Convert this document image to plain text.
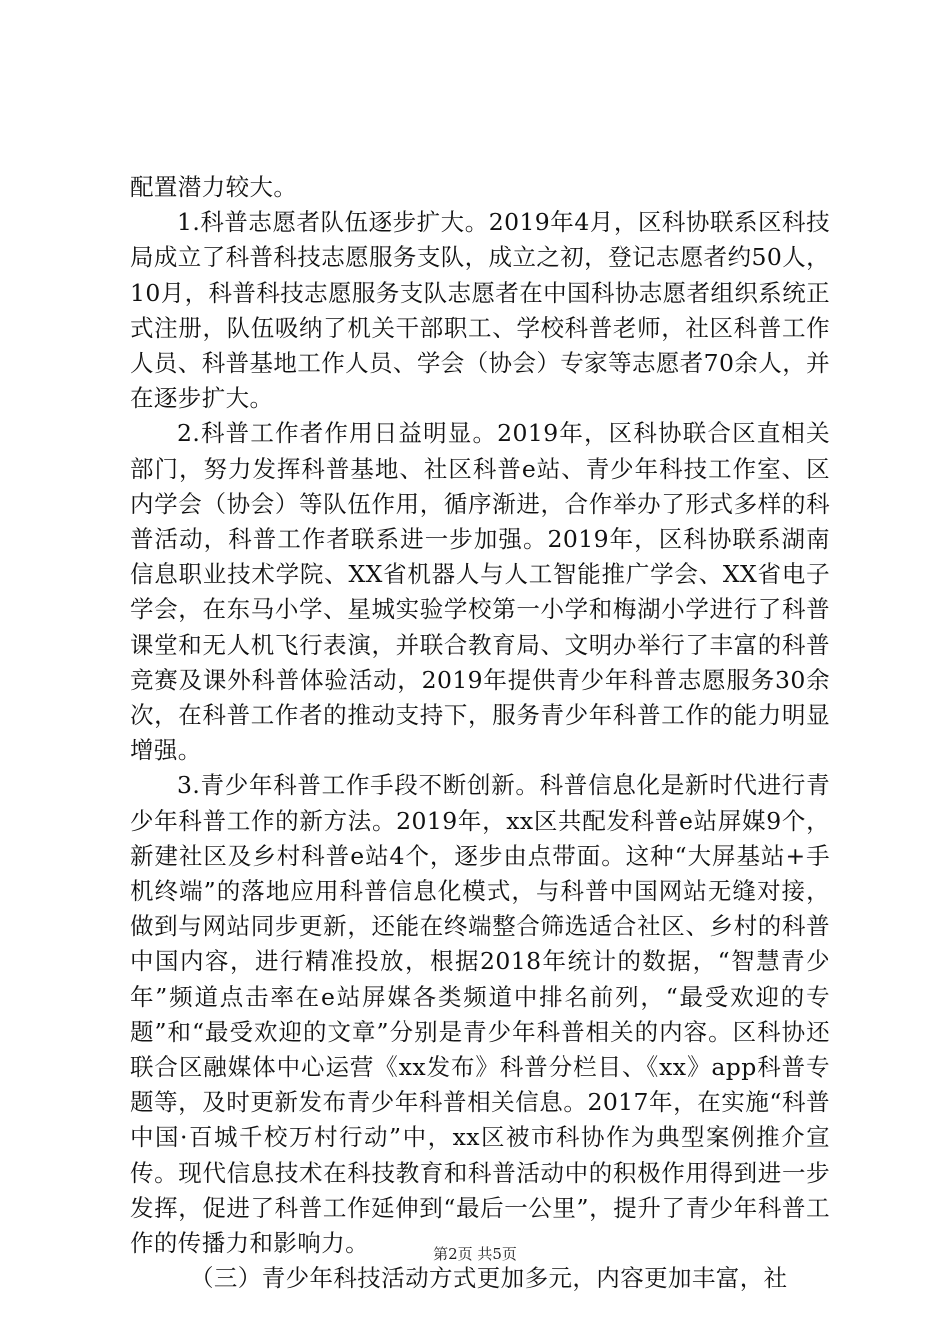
配置潜力较大。

1.科普志愿者队伍逐步扩大。2019年4月，区科协联系区科技局成立了科普科技志愿服务支队，成立之初，登记志愿者约50人，10月，科普科技志愿服务支队志愿者在中国科协志愿者组织系统正式注册，队伍吸纳了机关干部职工、学校科普老师，社区科普工作人员、科普基地工作人员、学会（协会）专家等志愿者70余人，并在逐步扩大。

2.科普工作者作用日益明显。2019年，区科协联合区直相关部门，努力发挥科普基地、社区科普e站、青少年科技工作室、区内学会（协会）等队伍作用，循序渐进，合作举办了形式多样的科普活动，科普工作者联系进一步加强。2019年，区科协联系湖南信息职业技术学院、XX省机器人与人工智能推广学会、XX省电子学会，在东马小学、星城实验学校第一小学和梅湖小学进行了科普课堂和无人机飞行表演，并联合教育局、文明办举行了丰富的科普竞赛及课外科普体验活动，2019年提供青少年科普志愿服务30余次，在科普工作者的推动支持下，服务青少年科普工作的能力明显增强。

3.青少年科普工作手段不断创新。科普信息化是新时代进行青少年科普工作的新方法。2019年，xx区共配发科普e站屏媒9个，新建社区及乡村科普e站4个，逐步由点带面。这种“大屏基站+手机终端”的落地应用科普信息化模式，与科普中国网站无缝对接，做到与网站同步更新，还能在终端整合筛选适合社区、乡村的科普中国内容，进行精准投放，根据2018年统计的数据，“智慧青少年”频道点击率在e站屏媒各类频道中排名前列，“最受欢迎的专题”和“最受欢迎的文章”分别是青少年科普相关的内容。区科协还联合区融媒体中心运营《xx发布》科普分栏目、《xx》app科普专题等，及时更新发布青少年科普相关信息。2017年，在实施“科普中国·百城千校万村行动”中，xx区被市科协作为典型案例推介宣传。现代信息技术在科技教育和科普活动中的积极作用得到进一步发挥，促进了科普工作延伸到“最后一公里”，提升了青少年科普工作的传播力和影响力。

（三）青少年科技活动方式更加多元，内容更加丰富，社

第2页 共5页
